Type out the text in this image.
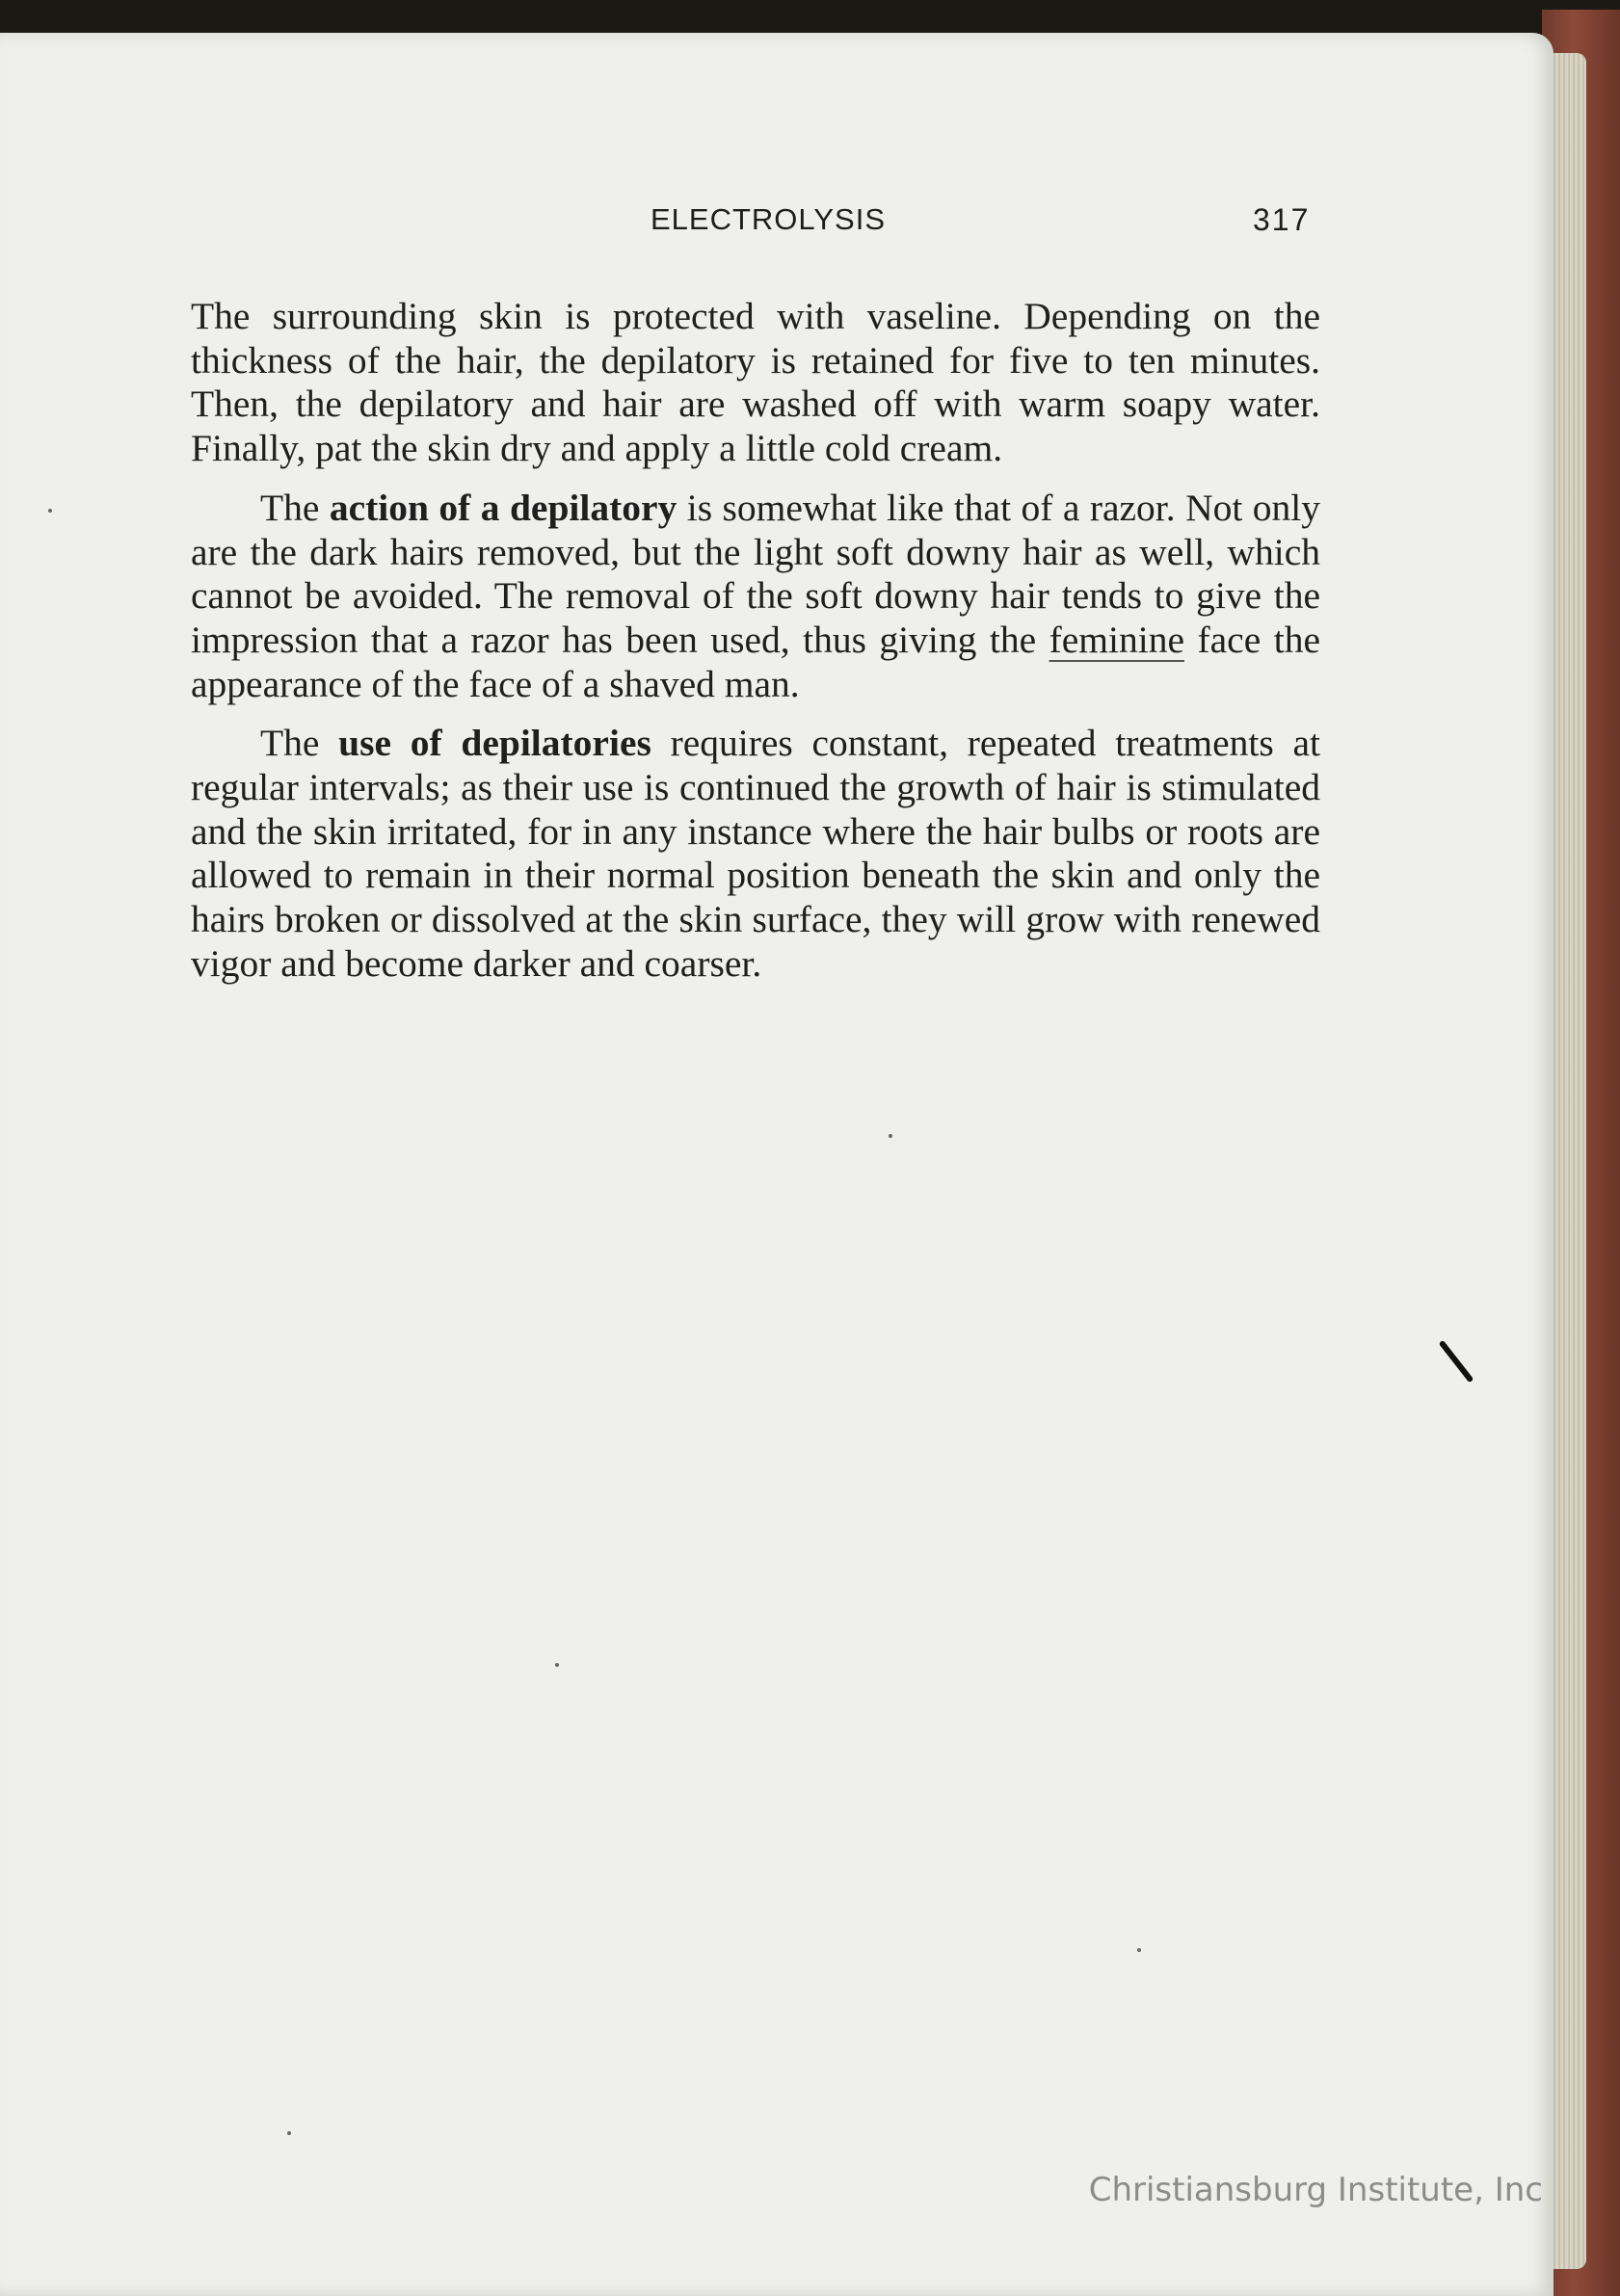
ELECTROLYSIS	317

The surrounding skin is protected with vaseline. Depending on the thickness of the hair, the depilatory is retained for five to ten minutes. Then, the depilatory and hair are washed off with warm soapy water. Finally, pat the skin dry and apply a little cold cream.

The action of a depilatory is somewhat like that of a razor. Not only are the dark hairs removed, but the light soft downy hair as well, which cannot be avoided. The removal of the soft downy hair tends to give the impression that a razor has been used, thus giving the feminine face the appearance of the face of a shaved man.

The use of depilatories requires constant, repeated treatments at regular intervals; as their use is continued the growth of hair is stimulated and the skin irritated, for in any instance where the hair bulbs or roots are allowed to remain in their normal position beneath the skin and only the hairs broken or dissolved at the skin surface, they will grow with renewed vigor and become darker and coarser.

Christiansburg Institute, Inc
